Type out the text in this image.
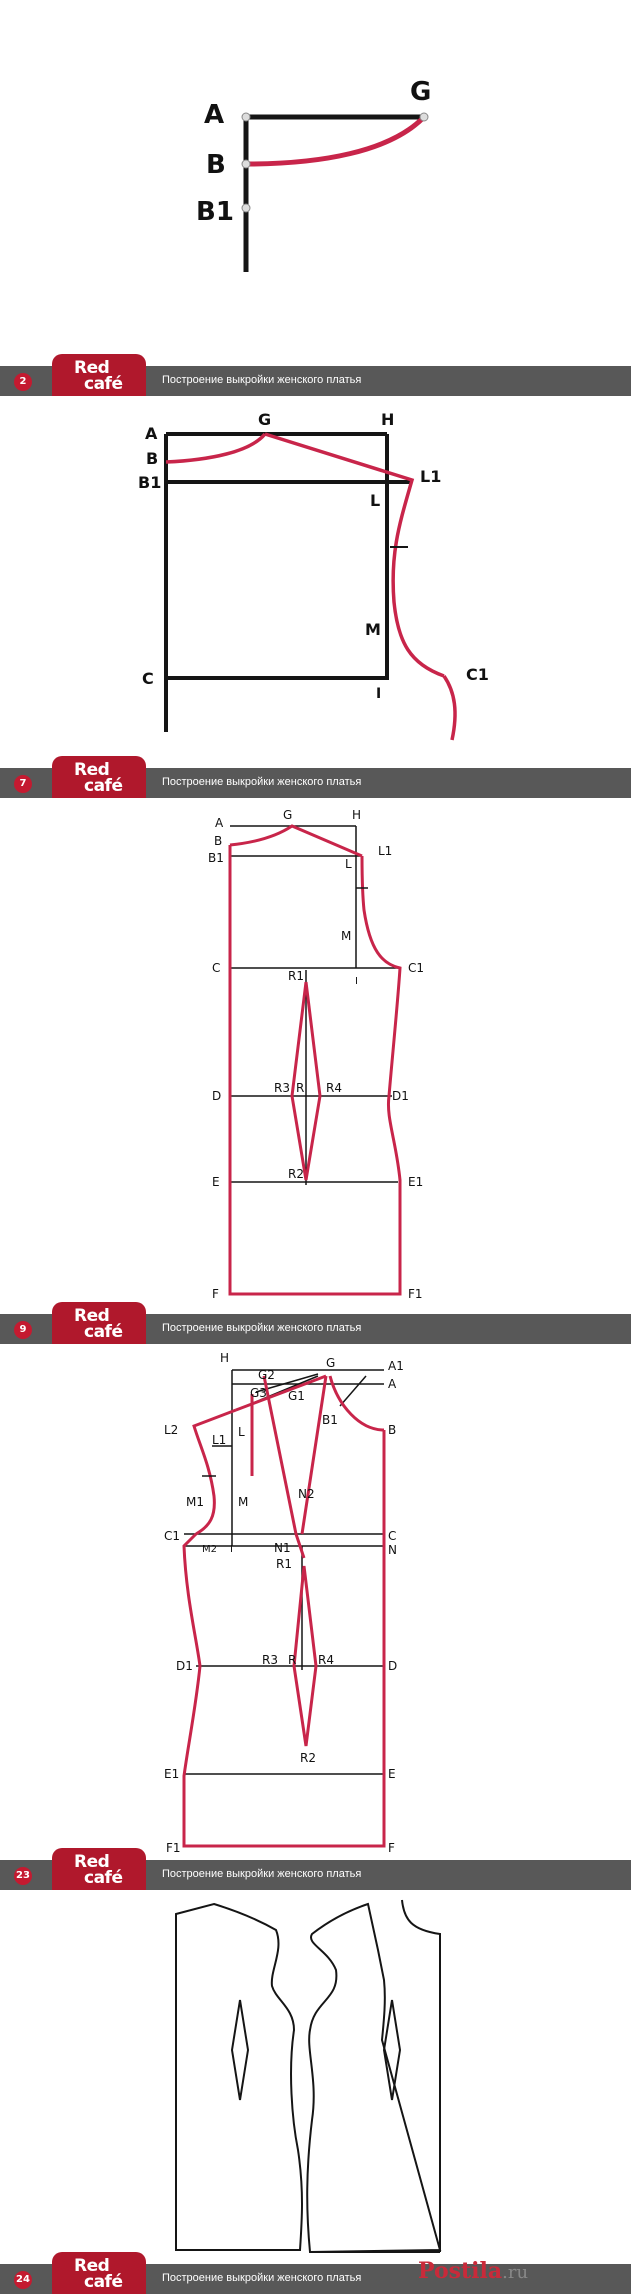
A
G
B
B1
2
Red
café	Построение выкройки женского платья
A
G	H
B
B1	L1
L
M
C	C1
I
7
Red
café	Построение выкройки женского платья
A
G	H
B
B1	L1
L
M
C	C1
I
R1
R3 R R4
D	D1
R2
E	E1
F	F1
9
Red
café	Построение выкройки женского платья
H
G2
G	A1
A
G3 G1
B1
B
L2	L
L1
N2
M1	M
C1
M2 I	N1
C
N
R1
R3 R R4
D1	D
R2
E1	E
F1	F
23
Red
café	Построение выкройки женского платья
24
Red
café	Построение выкройки женского платья	Postila.ru
